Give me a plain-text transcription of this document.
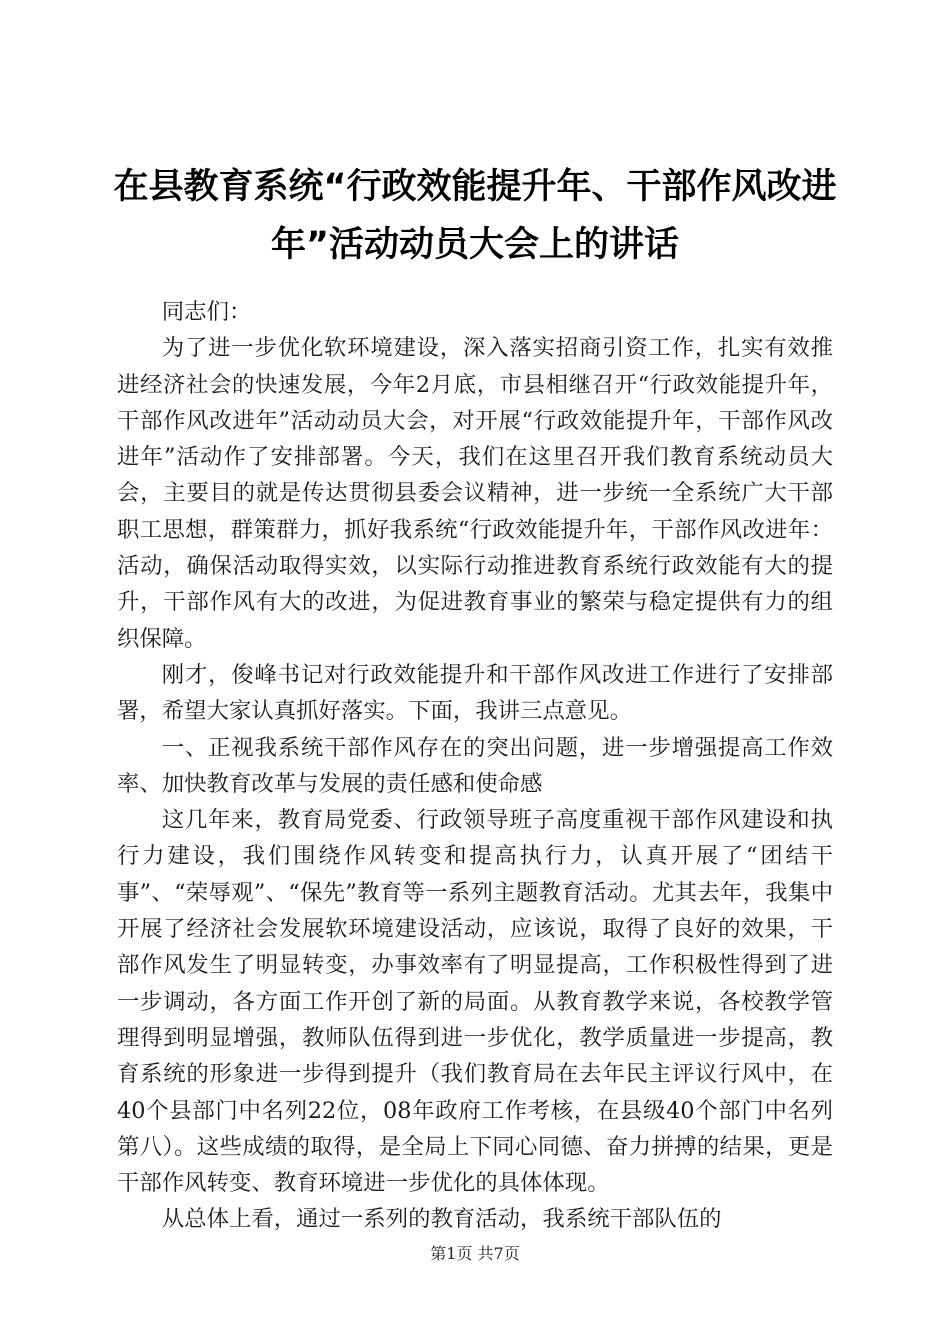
在县教育系统“行政效能提升年、干部作风改进年”活动动员大会上的讲话

同志们：

为了进一步优化软环境建设，深入落实招商引资工作，扎实有效推进经济社会的快速发展，今年2月底，市县相继召开“行政效能提升年，干部作风改进年”活动动员大会，对开展“行政效能提升年，干部作风改进年”活动作了安排部署。今天，我们在这里召开我们教育系统动员大会，主要目的就是传达贯彻县委会议精神，进一步统一全系统广大干部职工思想，群策群力，抓好我系统“行政效能提升年，干部作风改进年：活动，确保活动取得实效，以实际行动推进教育系统行政效能有大的提升，干部作风有大的改进，为促进教育事业的繁荣与稳定提供有力的组织保障。

刚才，俊峰书记对行政效能提升和干部作风改进工作进行了安排部署，希望大家认真抓好落实。下面，我讲三点意见。

一、正视我系统干部作风存在的突出问题，进一步增强提高工作效率、加快教育改革与发展的责任感和使命感

这几年来，教育局党委、行政领导班子高度重视干部作风建设和执行力建设，我们围绕作风转变和提高执行力，认真开展了“团结干事”、“荣辱观”、“保先”教育等一系列主题教育活动。尤其去年，我集中开展了经济社会发展软环境建设活动，应该说，取得了良好的效果，干部作风发生了明显转变，办事效率有了明显提高，工作积极性得到了进一步调动，各方面工作开创了新的局面。从教育教学来说，各校教学管理得到明显增强，教师队伍得到进一步优化，教学质量进一步提高，教育系统的形象进一步得到提升（我们教育局在去年民主评议行风中，在40个县部门中名列22位，08年政府工作考核，在县级40个部门中名列第八）。这些成绩的取得，是全局上下同心同德、奋力拼搏的结果，更是干部作风转变、教育环境进一步优化的具体体现。

从总体上看，通过一系列的教育活动，我系统干部队伍的

第1页 共7页
